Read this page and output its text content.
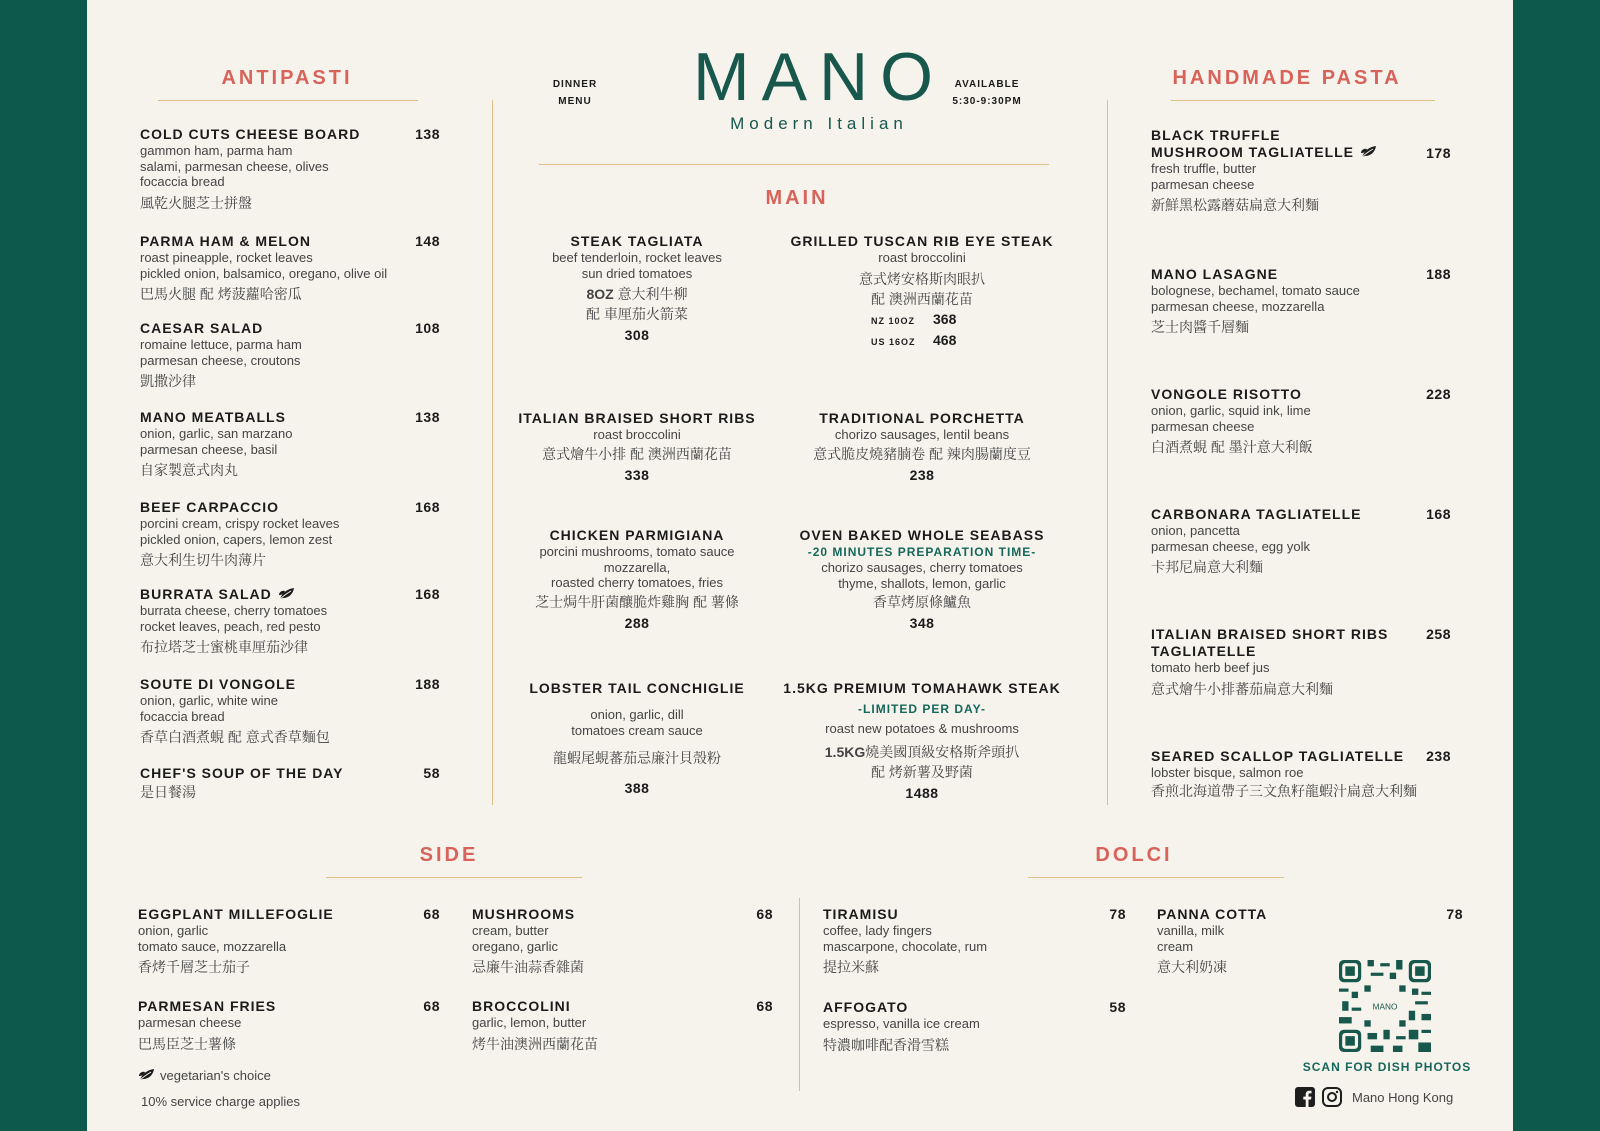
DINNER
MENU	MANO
Modern Italian
AVAILABLE
5:30-9:30PM
ANTIPASTI
COLD CUTS CHEESE BOARD	138
gammon ham, parma ham
salami, parmesan cheese, olives
focaccia bread
風乾火腿芝士拼盤
PARMA HAM & MELON	148
roast pineapple, rocket leaves
pickled onion, balsamico, oregano, olive oil
巴馬火腿 配 烤菠蘿哈密瓜
CAESAR SALAD	108
romaine lettuce, parma ham
parmesan cheese, croutons
凱撒沙律
MANO MEATBALLS	138
onion, garlic, san marzano
parmesan cheese, basil
自家製意式肉丸
BEEF CARPACCIO	168
porcini cream, crispy rocket leaves
pickled onion, capers, lemon zest
意大利生切牛肉薄片
BURRATA SALAD	168
burrata cheese, cherry tomatoes
rocket leaves, peach, red pesto
布拉塔芝士蜜桃車厘茄沙律
SOUTE DI VONGOLE	188
onion, garlic, white wine
focaccia bread
香草白酒煮蜆 配 意式香草麵包
CHEF'S SOUP OF THE DAY	58
是日餐湯
MAIN
STEAK TAGLIATA
beef tenderloin, rocket leaves
sun dried tomatoes
8OZ 意大利牛柳
配 車厘茄火箭菜
308
GRILLED TUSCAN RIB EYE STEAK
roast broccolini
意式烤安格斯肉眼扒
配 澳洲西蘭花苗
NZ 10OZ 368
US 16OZ 468
ITALIAN BRAISED SHORT RIBS
roast broccolini
意式燴牛小排 配 澳洲西蘭花苗
338
TRADITIONAL PORCHETTA
chorizo sausages, lentil beans
意式脆皮燒豬腩卷 配 辣肉腸蘭度豆
238
CHICKEN PARMIGIANA
porcini mushrooms, tomato sauce
mozzarella,
roasted cherry tomatoes, fries
芝士焗牛肝菌釀脆炸雞胸 配 薯條
288
OVEN BAKED WHOLE SEABASS
-20 MINUTES PREPARATION TIME-
chorizo sausages, cherry tomatoes
thyme, shallots, lemon, garlic
香草烤原條鱸魚
348
LOBSTER TAIL CONCHIGLIE
onion, garlic, dill
tomatoes cream sauce
龍蝦尾蜆蕃茄忌廉汁貝殼粉
388
1.5KG PREMIUM TOMAHAWK STEAK
-LIMITED PER DAY-
roast new potatoes & mushrooms
1.5KG燒美國頂級安格斯斧頭扒
配 烤新薯及野菌
1488
HANDMADE PASTA
BLACK TRUFFLE
MUSHROOM TAGLIATELLE	178
fresh truffle, butter
parmesan cheese
新鮮黑松露蘑菇扁意大利麵
MANO LASAGNE	188
bolognese, bechamel, tomato sauce
parmesan cheese, mozzarella
芝士肉醬千層麵
VONGOLE RISOTTO	228
onion, garlic, squid ink, lime
parmesan cheese
白酒煮蜆 配 墨汁意大利飯
CARBONARA TAGLIATELLE	168
onion, pancetta
parmesan cheese, egg yolk
卡邦尼扁意大利麵
ITALIAN BRAISED SHORT RIBS
TAGLIATELLE
258
tomato herb beef jus
意式燴牛小排蕃茄扁意大利麵
SEARED SCALLOP TAGLIATELLE	238
lobster bisque, salmon roe
香煎北海道帶子三文魚籽龍蝦汁扁意大利麵
SIDE
EGGPLANT MILLEFOGLIE	68
onion, garlic
tomato sauce, mozzarella
香烤千層芝士茄子
MUSHROOMS	68
cream, butter
oregano, garlic
忌廉牛油蒜香雜菌
PARMESAN FRIES	68
parmesan cheese
巴馬臣芝士薯條
BROCCOLINI	68
garlic, lemon, butter
烤牛油澳洲西蘭花苗
vegetarian's choice
10% service charge applies
DOLCI
TIRAMISU	78
coffee, lady fingers
mascarpone, chocolate, rum
提拉米蘇
PANNA COTTA	78
vanilla, milk
cream
意大利奶凍
AFFOGATO	58
espresso, vanilla ice cream
特濃咖啡配香滑雪糕
MANO
SCAN FOR DISH PHOTOS
Mano Hong Kong
